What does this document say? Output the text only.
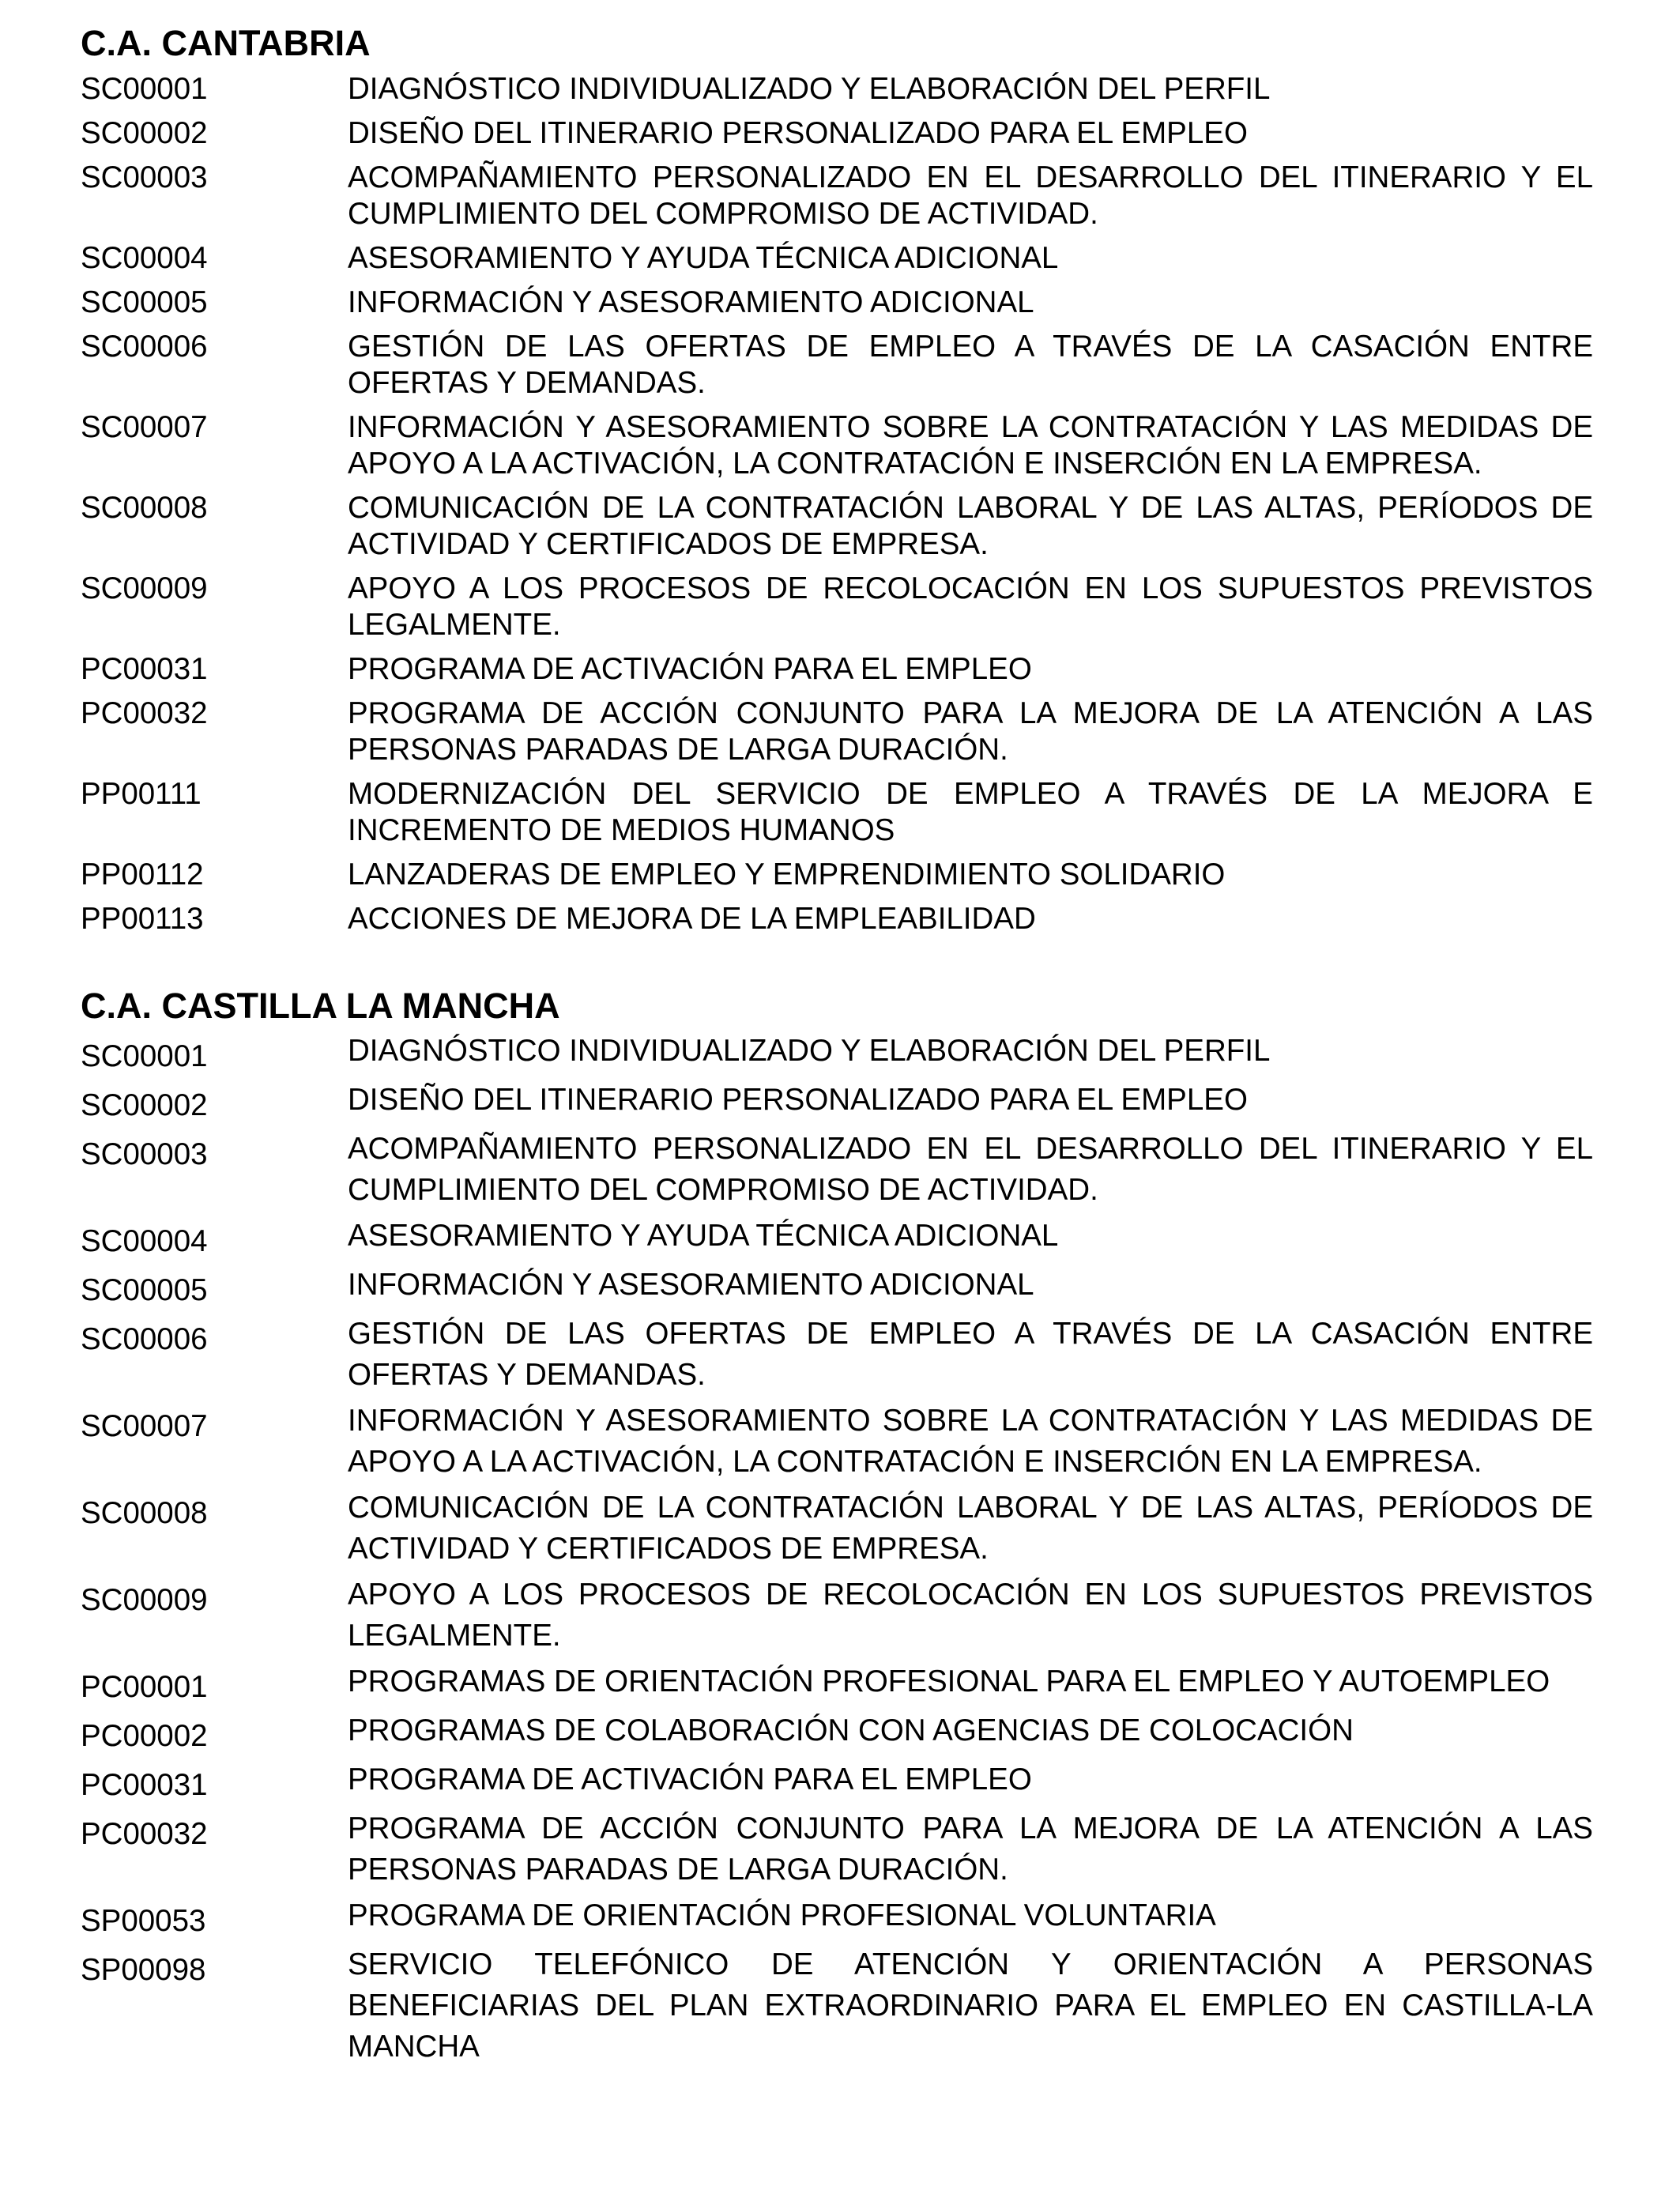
C.A. CANTABRIA
SC00001	DIAGNÓSTICO INDIVIDUALIZADO Y ELABORACIÓN DEL PERFIL
SC00002	DISEÑO DEL ITINERARIO PERSONALIZADO PARA EL EMPLEO
SC00003	ACOMPAÑAMIENTO PERSONALIZADO EN EL DESARROLLO DEL ITINERARIO Y EL CUMPLIMIENTO DEL COMPROMISO DE ACTIVIDAD.
SC00004	ASESORAMIENTO Y AYUDA TÉCNICA ADICIONAL
SC00005	INFORMACIÓN Y ASESORAMIENTO ADICIONAL
SC00006	GESTIÓN DE LAS OFERTAS DE EMPLEO A TRAVÉS DE LA CASACIÓN ENTRE OFERTAS Y DEMANDAS.
SC00007	INFORMACIÓN Y ASESORAMIENTO SOBRE LA CONTRATACIÓN Y LAS MEDIDAS DE APOYO A LA ACTIVACIÓN, LA CONTRATACIÓN E INSERCIÓN EN LA EMPRESA.
SC00008	COMUNICACIÓN DE LA CONTRATACIÓN LABORAL Y DE LAS ALTAS, PERÍODOS DE ACTIVIDAD Y CERTIFICADOS DE EMPRESA.
SC00009	APOYO A LOS PROCESOS DE RECOLOCACIÓN EN LOS SUPUESTOS PREVISTOS LEGALMENTE.
PC00031	PROGRAMA DE ACTIVACIÓN PARA EL EMPLEO
PC00032	PROGRAMA DE ACCIÓN CONJUNTO PARA LA MEJORA DE LA ATENCIÓN A LAS PERSONAS PARADAS DE LARGA DURACIÓN.
PP00111	MODERNIZACIÓN DEL SERVICIO DE EMPLEO A TRAVÉS DE LA MEJORA E INCREMENTO DE MEDIOS HUMANOS
PP00112	LANZADERAS DE EMPLEO Y EMPRENDIMIENTO SOLIDARIO
PP00113	ACCIONES DE MEJORA DE LA EMPLEABILIDAD
C.A. CASTILLA LA MANCHA
SC00001	DIAGNÓSTICO INDIVIDUALIZADO Y ELABORACIÓN DEL PERFIL
SC00002	DISEÑO DEL ITINERARIO PERSONALIZADO PARA EL EMPLEO
SC00003	ACOMPAÑAMIENTO PERSONALIZADO EN EL DESARROLLO DEL ITINERARIO Y EL CUMPLIMIENTO DEL COMPROMISO DE ACTIVIDAD.
SC00004	ASESORAMIENTO Y AYUDA TÉCNICA ADICIONAL
SC00005	INFORMACIÓN Y ASESORAMIENTO ADICIONAL
SC00006	GESTIÓN DE LAS OFERTAS DE EMPLEO A TRAVÉS DE LA CASACIÓN ENTRE OFERTAS Y DEMANDAS.
SC00007	INFORMACIÓN Y ASESORAMIENTO SOBRE LA CONTRATACIÓN Y LAS MEDIDAS DE APOYO A LA ACTIVACIÓN, LA CONTRATACIÓN E INSERCIÓN EN LA EMPRESA.
SC00008	COMUNICACIÓN DE LA CONTRATACIÓN LABORAL Y DE LAS ALTAS, PERÍODOS DE ACTIVIDAD Y CERTIFICADOS DE EMPRESA.
SC00009	APOYO A LOS PROCESOS DE RECOLOCACIÓN EN LOS SUPUESTOS PREVISTOS LEGALMENTE.
PC00001	PROGRAMAS DE ORIENTACIÓN PROFESIONAL PARA EL EMPLEO Y AUTOEMPLEO
PC00002	PROGRAMAS DE COLABORACIÓN CON AGENCIAS DE COLOCACIÓN
PC00031	PROGRAMA DE ACTIVACIÓN PARA EL EMPLEO
PC00032	PROGRAMA DE ACCIÓN CONJUNTO PARA LA MEJORA DE LA ATENCIÓN A LAS PERSONAS PARADAS DE LARGA DURACIÓN.
SP00053	PROGRAMA DE ORIENTACIÓN PROFESIONAL VOLUNTARIA
SP00098	SERVICIO TELEFÓNICO DE ATENCIÓN Y ORIENTACIÓN A PERSONAS BENEFICIARIAS DEL PLAN EXTRAORDINARIO PARA EL EMPLEO EN CASTILLA-LA MANCHA
